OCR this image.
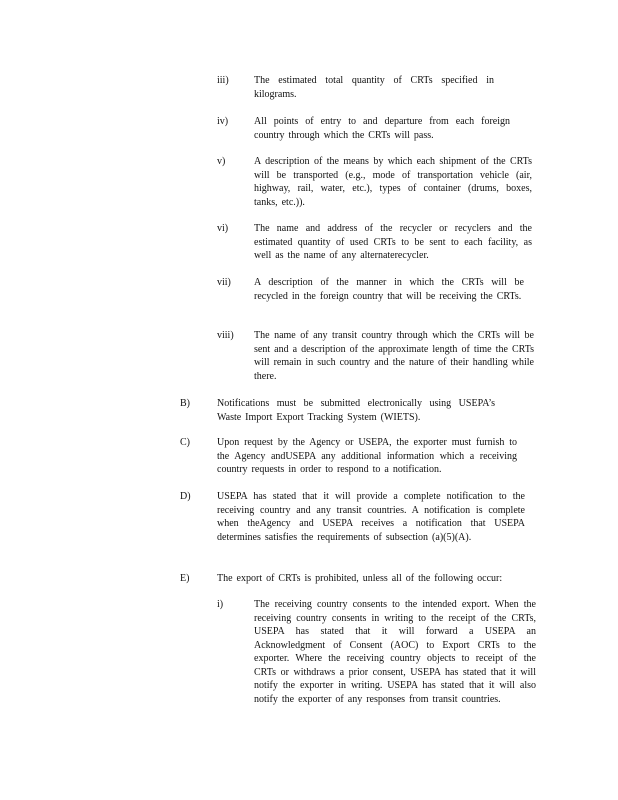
iii)	The estimated total quantity of CRTs specified in kilograms.
iv)	All points of entry to and departure from each foreign country through which the CRTs will pass.
v)	A description of the means by which each shipment of the CRTs will be transported (e.g., mode of transportation vehicle (air, highway, rail, water, etc.), types of container (drums, boxes, tanks, etc.)).
vi)	The name and address of the recycler or recyclers and the estimated quantity of used CRTs to be sent to each facility, as well as the name of any alternaterecycler.
vii) A description of the manner in which the CRTs will be recycled in the foreign country that will be receiving the CRTs.
viii) The name of any transit country through which the CRTs will be sent and a description of the approximate length of time the CRTs will remain in such country and the nature of their handling while there.
B)	Notifications must be submitted electronically using USEPA’s Waste Import Export Tracking System (WIETS).
C)	Upon request by the Agency or USEPA, the exporter must furnish to the Agency andUSEPA any additional information which a receiving country requests in order to respond to a notification.
D)	USEPA has stated that it will provide a complete notification to the receiving country and any transit countries. A notification is complete when theAgency and USEPA receives a notification that USEPA determines satisfies the requirements of subsection (a)(5)(A).
E)	The export of CRTs is prohibited, unless all of the following occur:
i)	The receiving country consents to the intended export. When the receiving country consents in writing to the receipt of the CRTs, USEPA has stated that it will forward a USEPA an Acknowledgment of Consent (AOC) to Export CRTs to the exporter. Where the receiving country objects to receipt of the CRTs or withdraws a prior consent, USEPA has stated that it will notify the exporter in writing. USEPA has stated that it will also notify the exporter of any responses from transit countries.
